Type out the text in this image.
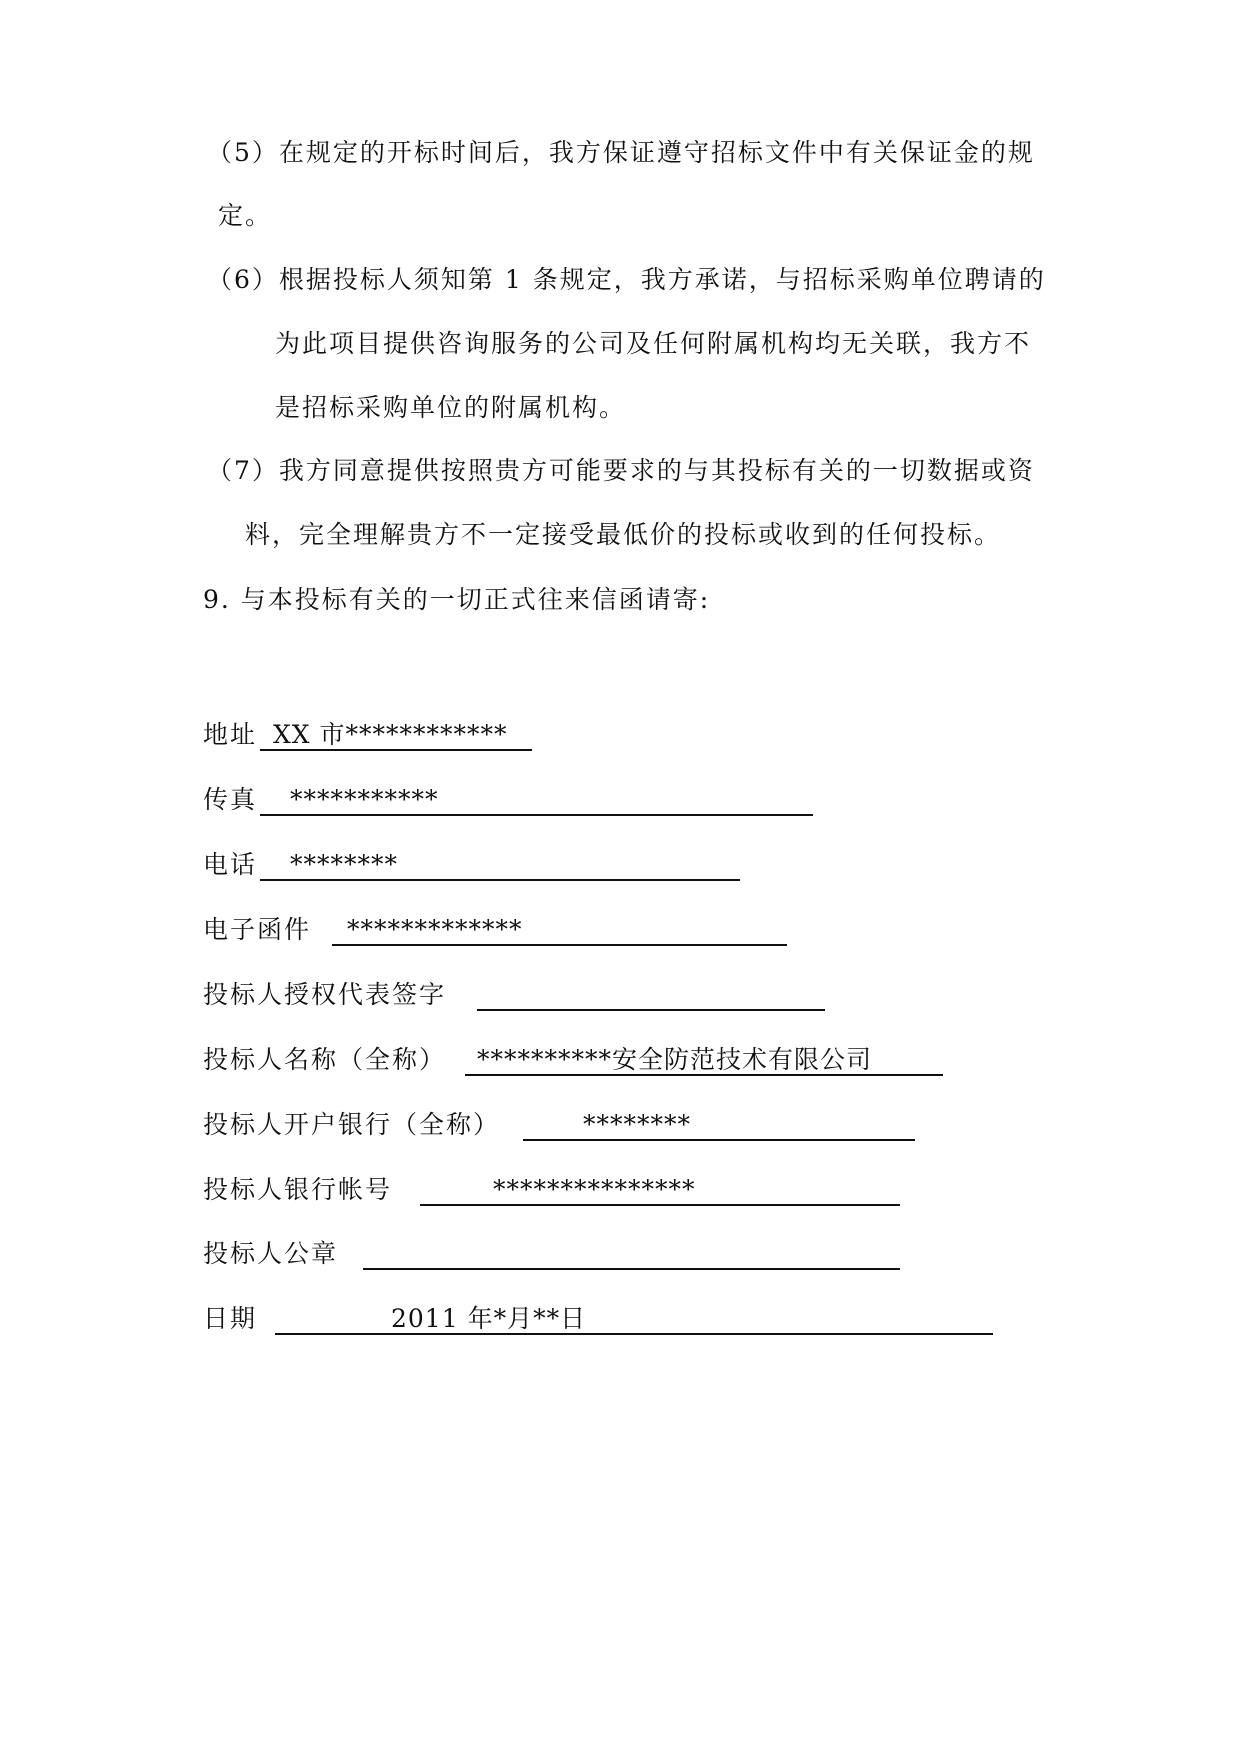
（5）在规定的开标时间后，我方保证遵守招标文件中有关保证金的规
定。
（6）根据投标人须知第 1 条规定，我方承诺，与招标采购单位聘请的
为此项目提供咨询服务的公司及任何附属机构均无关联，我方不
是招标采购单位的附属机构。
（7）我方同意提供按照贵方可能要求的与其投标有关的一切数据或资
料，完全理解贵方不一定接受最低价的投标或收到的任何投标。
9. 与本投标有关的一切正式往来信函请寄:
地址 XX 市************
传真 ***********
电话 ********
电子函件 *************
投标人授权代表签字
投标人名称（全称） **********安全防范技术有限公司
投标人开户银行（全称）	********
投标人银行帐号	***************
投标人公章
日期	2011 年*月**日
